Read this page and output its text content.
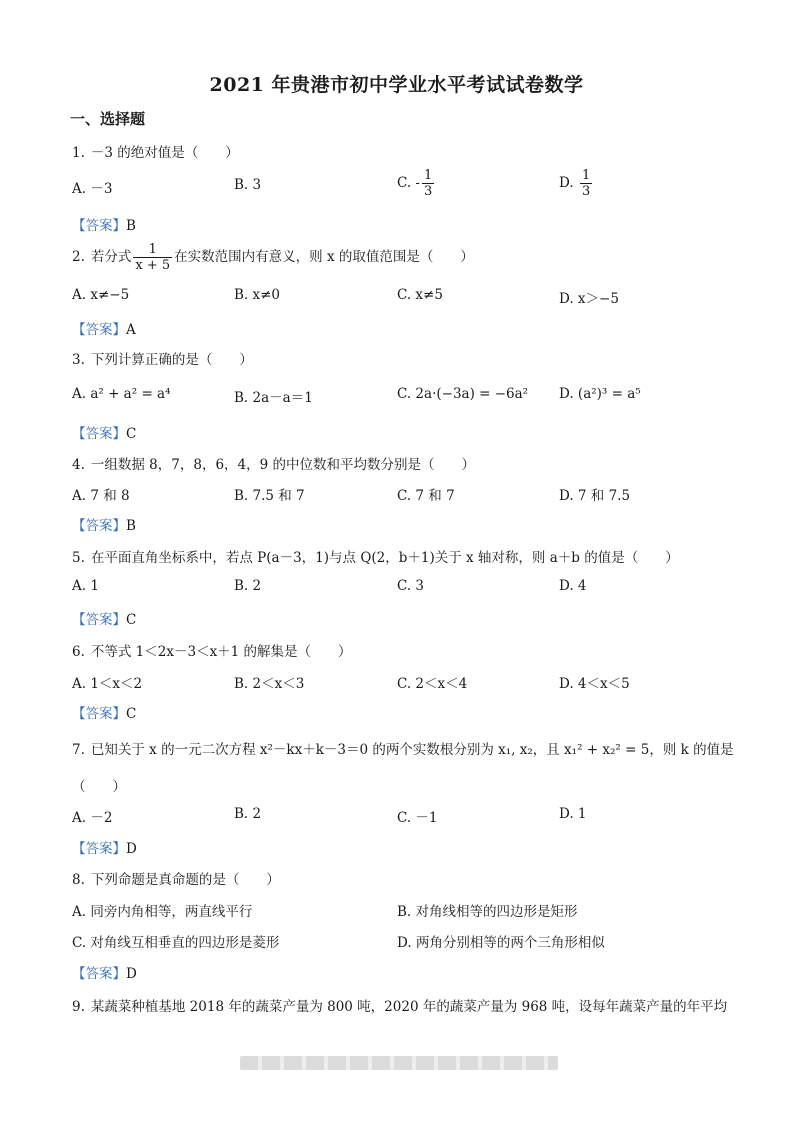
2021 年贵港市初中学业水平考试试卷数学
一、选择题
1. －3 的绝对值是（　　）
A. －3	B. 3	C. - $\frac{1}{3}$	D. $\frac{1}{3}$
【答案】B
2. 若分式 $\frac{1}{x + 5}$ 在实数范围内有意义，则 x 的取值范围是（　　）
A. x≠−5	B. x≠0	C. x≠5	D. x＞−5
【答案】A
3. 下列计算正确的是（　　）
A. a² + a² = a⁴	B. 2a－a＝1	C. 2a·(−3a) = −6a² D. (a²)³ = a⁵
【答案】C
4. 一组数据 8，7，8，6，4，9 的中位数和平均数分别是（　　）
A. 7 和 8	B. 7.5 和 7	C. 7 和 7	D. 7 和 7.5
【答案】B
5. 在平面直角坐标系中，若点 P(a－3，1)与点 Q(2，b＋1)关于 x 轴对称，则 a＋b 的值是（　　）
A. 1	B. 2	C. 3	D. 4
【答案】C
6. 不等式 1＜2x－3＜x＋1 的解集是（　　）
A. 1＜x＜2	B. 2＜x＜3	C. 2＜x＜4	D. 4＜x＜5
【答案】C
7. 已知关于 x 的一元二次方程 x²－kx＋k－3＝0 的两个实数根分别为 x₁, x₂，且 x₁² + x₂² = 5，则 k 的值是
（　　）
A. －2	B. 2	C. －1	D. 1
【答案】D
8. 下列命题是真命题的是（　　）
A. 同旁内角相等，两直线平行	B. 对角线相等的四边形是矩形
C. 对角线互相垂直的四边形是菱形	D. 两角分别相等的两个三角形相似
【答案】D
9. 某蔬菜种植基地 2018 年的蔬菜产量为 800 吨，2020 年的蔬菜产量为 968 吨，设每年蔬菜产量的年平均
